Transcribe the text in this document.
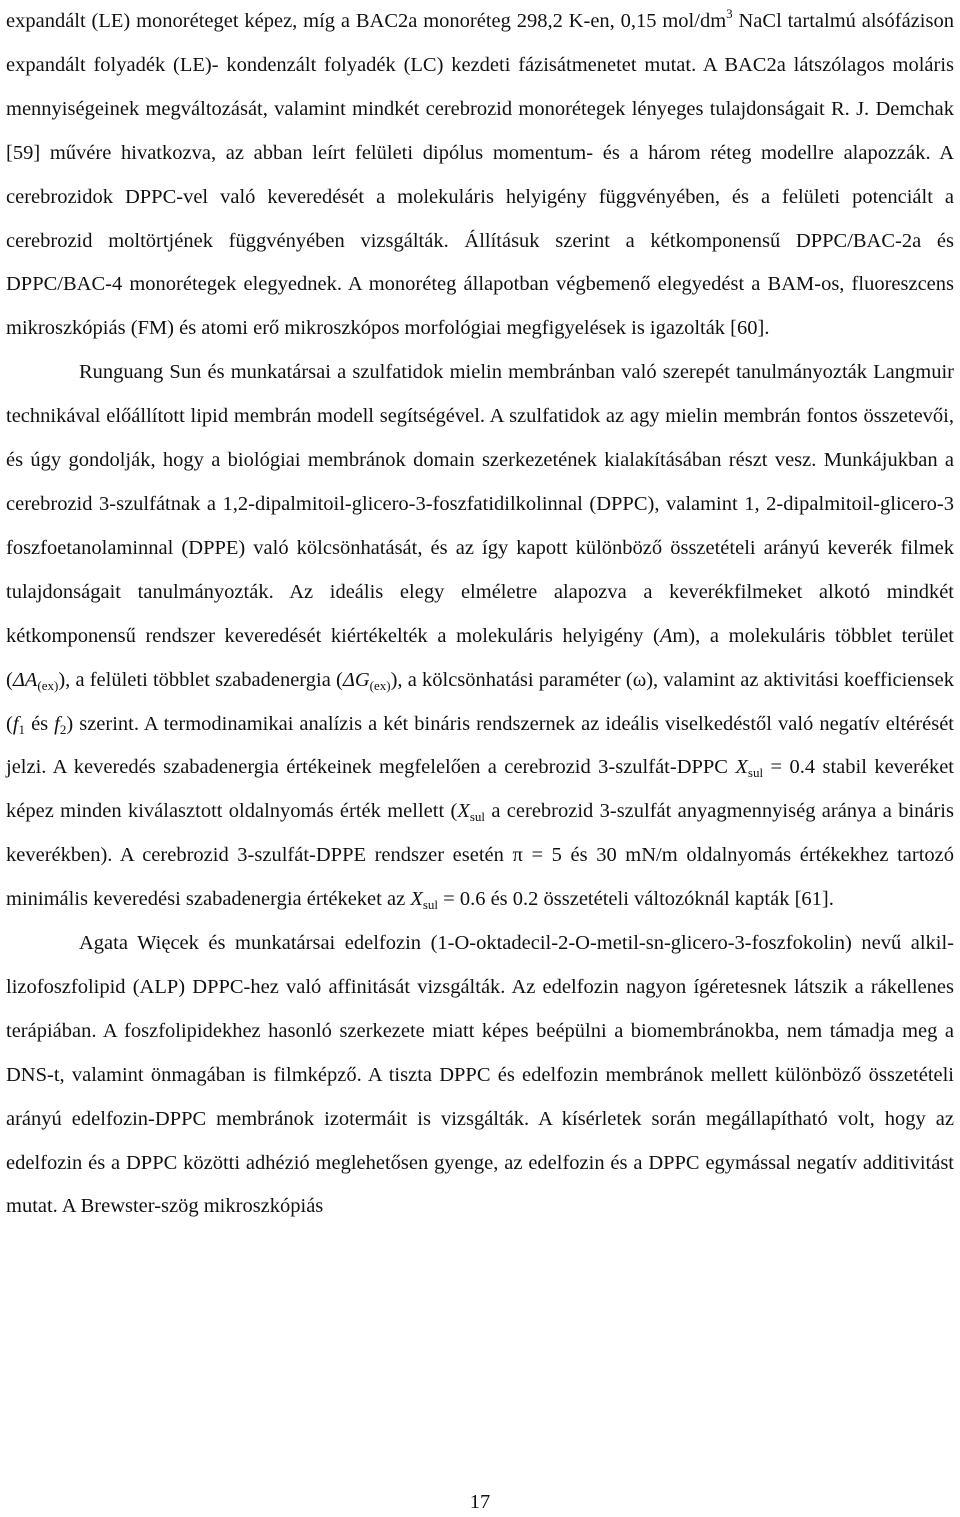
expandált (LE) monoréteget képez, míg a BAC2a monoréteg 298,2 K-en, 0,15 mol/$dm^3$ NaCl tartalmú alsófázison expandált folyadék (LE)- kondenzált folyadék (LC) kezdeti fázisátmenetet mutat. A BAC2a látszólagos moláris mennyiségeinek megváltozását, valamint mindkét cerebrozid monorétegek lényeges tulajdonságait R. J. Demchak [59] művére hivatkozva, az abban leírt felületi dipólus momentum- és a három réteg modellre alapozzák. A cerebrozidok DPPC-vel való keveredését a molekuláris helyigény függvényében, és a felületi potenciált a cerebrozid moltörtjének függvényében vizsgálták. Állításuk szerint a kétkomponensű DPPC/BAC-2a és DPPC/BAC-4 monorétegek elegyednek. A monoréteg állapotban végbemenő elegyedést a BAM-os, fluoreszcens mikroszkópiás (FM) és atomi erő mikroszkópos morfológiai megfigyelések is igazolták [60].

Runguang Sun és munkatársai a szulfatidok mielin membránban való szerepét tanulmányozták Langmuir technikával előállított lipid membrán modell segítségével. A szulfatidok az agy mielin membrán fontos összetevői, és úgy gondolják, hogy a biológiai membránok domain szerkezetének kialakításában részt vesz. Munkájukban a cerebrozid 3-szulfátnak a 1,2-dipalmitoil-glicero-3-foszfatidilkolinnal (DPPC), valamint 1, 2-dipalmitoil-glicero-3 foszfoetanolaminnal (DPPE) való kölcsönhatását, és az így kapott különböző összetételi arányú keverék filmek tulajdonságait tanulmányozták. Az ideális elegy elméletre alapozva a keverékfilmeket alkotó mindkét kétkomponensű rendszer keveredését kiértékelték a molekuláris helyigény (Am), a molekuláris többlet terület $(\Delta A_{(ex)})$, a felületi többlet szabadenergia $(\Delta G_{(ex)})$, a kölcsönhatási paraméter (ω), valamint az aktivitási koefficiensek ($f_1$ és $f_2$) szerint. A termodinamikai analízis a két bináris rendszernek az ideális viselkedéstől való negatív eltérését jelzi. A keveredés szabadenergia értékeinek megfelelően a cerebrozid 3-szulfát-DPPC $X_{sul} = 0.4$ stabil keveréket képez minden kiválasztott oldalnyomás érték mellett ($X_{sul}$ a cerebrozid 3-szulfát anyagmennyiség aránya a bináris keverékben). A cerebrozid 3-szulfát-DPPE rendszer esetén π = 5 és 30 mN/m oldalnyomás értékekhez tartozó minimális keveredési szabadenergia értékeket az $X_{sul} = 0.6$ és 0.2 összetételi változóknál kapták [61].

Agata Więcek és munkatársai edelfozin (1-O-oktadecil-2-O-metil-sn-glicero-3-foszfokolin) nevű alkil-lizofoszfolipid (ALP) DPPC-hez való affinitását vizsgálták. Az edelfozin nagyon ígéretesnek látszik a rákellenes terápiában. A foszfolipidekhez hasonló szerkezete miatt képes beépülni a biomembránokba, nem támadja meg a DNS-t, valamint önmagában is filmképző. A tiszta DPPC és edelfozin membránok mellett különböző összetételi arányú edelfozin-DPPC membránok izotermáit is vizsgálták. A kísérletek során megállapítható volt, hogy az edelfozin és a DPPC közötti adhézió meglehetősen gyenge, az edelfozin és a DPPC egymással negatív additivitást mutat. A Brewster-szög mikroszkópiás

17
